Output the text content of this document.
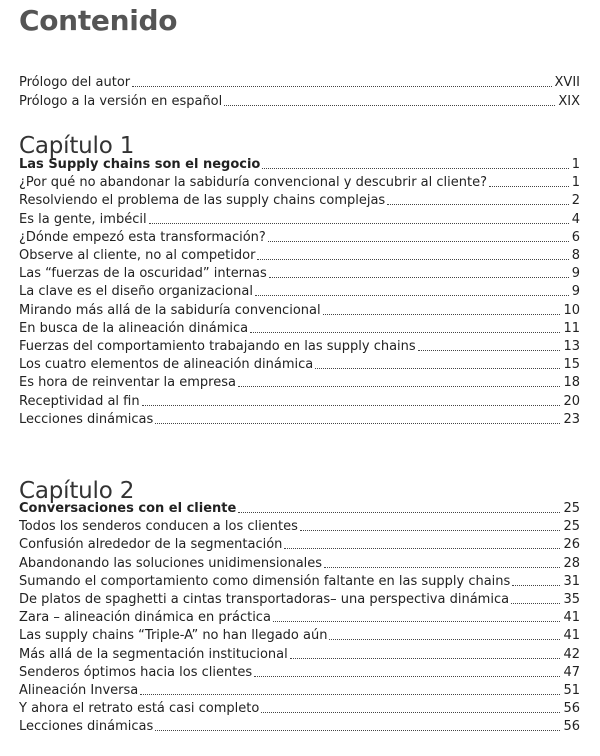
Contenido
Prólogo del autor	XVII
Prólogo a la versión en español	XIX
Capítulo 1
Las Supply chains son el negocio	1
¿Por qué no abandonar la sabiduría convencional y descubrir al cliente?	1
Resolviendo el problema de las supply chains complejas	2
Es la gente, imbécil	4
¿Dónde empezó esta transformación?	6
Observe al cliente, no al competidor	8
Las “fuerzas de la oscuridad” internas	9
La clave es el diseño organizacional	9
Mirando más allá de la sabiduría convencional	10
En busca de la alineación dinámica	11
Fuerzas del comportamiento trabajando en las supply chains	13
Los cuatro elementos de alineación dinámica	15
Es hora de reinventar la empresa	18
Receptividad al fin	20
Lecciones dinámicas	23
Capítulo 2
Conversaciones con el cliente	25
Todos los senderos conducen a los clientes	25
Confusión alrededor de la segmentación	26
Abandonando las soluciones unidimensionales	28
Sumando el comportamiento como dimensión faltante en las supply chains	31
De platos de spaghetti a cintas transportadoras– una perspectiva dinámica	35
Zara – alineación dinámica en práctica	41
Las supply chains “Triple-A” no han llegado aún	41
Más allá de la segmentación institucional	42
Senderos óptimos hacia los clientes	47
Alineación Inversa	51
Y ahora el retrato está casi completo	56
Lecciones dinámicas	56
